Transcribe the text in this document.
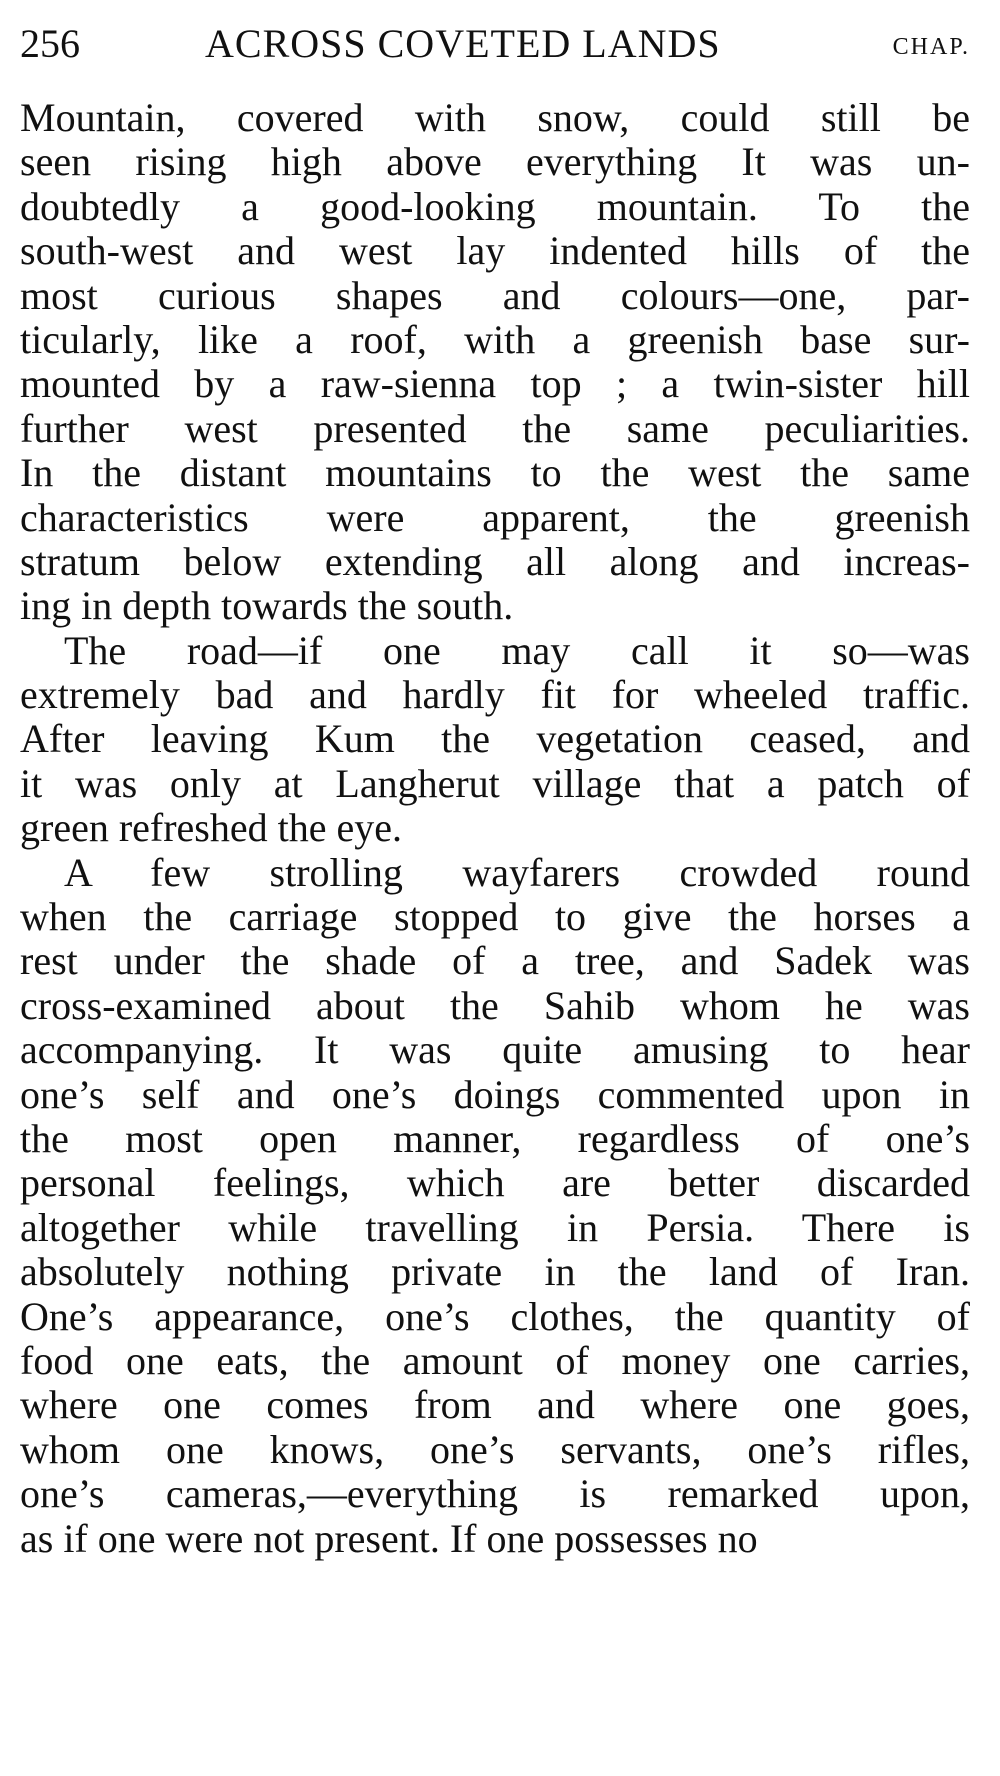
256	ACROSS COVETED LANDS	CHAP.
Mountain, covered with snow, could still be
seen rising high above everything It was un-
doubtedly a good-looking mountain. To the
south-west and west lay indented hills of the
most curious shapes and colours—one, par-
ticularly, like a roof, with a greenish base sur-
mounted by a raw-sienna top ; a twin-sister hill
further west presented the same peculiarities.
In the distant mountains to the west the same
characteristics were apparent, the greenish
stratum below extending all along and increas-
ing in depth towards the south.
The road—if one may call it so—was
extremely bad and hardly fit for wheeled traffic.
After leaving Kum the vegetation ceased, and
it was only at Langherut village that a patch of
green refreshed the eye.
A few strolling wayfarers crowded round
when the carriage stopped to give the horses a
rest under the shade of a tree, and Sadek was
cross-examined about the Sahib whom he was
accompanying. It was quite amusing to hear
one’s self and one’s doings commented upon in
the most open manner, regardless of one’s
personal feelings, which are better discarded
altogether while travelling in Persia. There is
absolutely nothing private in the land of Iran.
One’s appearance, one’s clothes, the quantity of
food one eats, the amount of money one carries,
where one comes from and where one goes,
whom one knows, one’s servants, one’s rifles,
one’s cameras,—everything is remarked upon,
as if one were not present. If one possesses no
